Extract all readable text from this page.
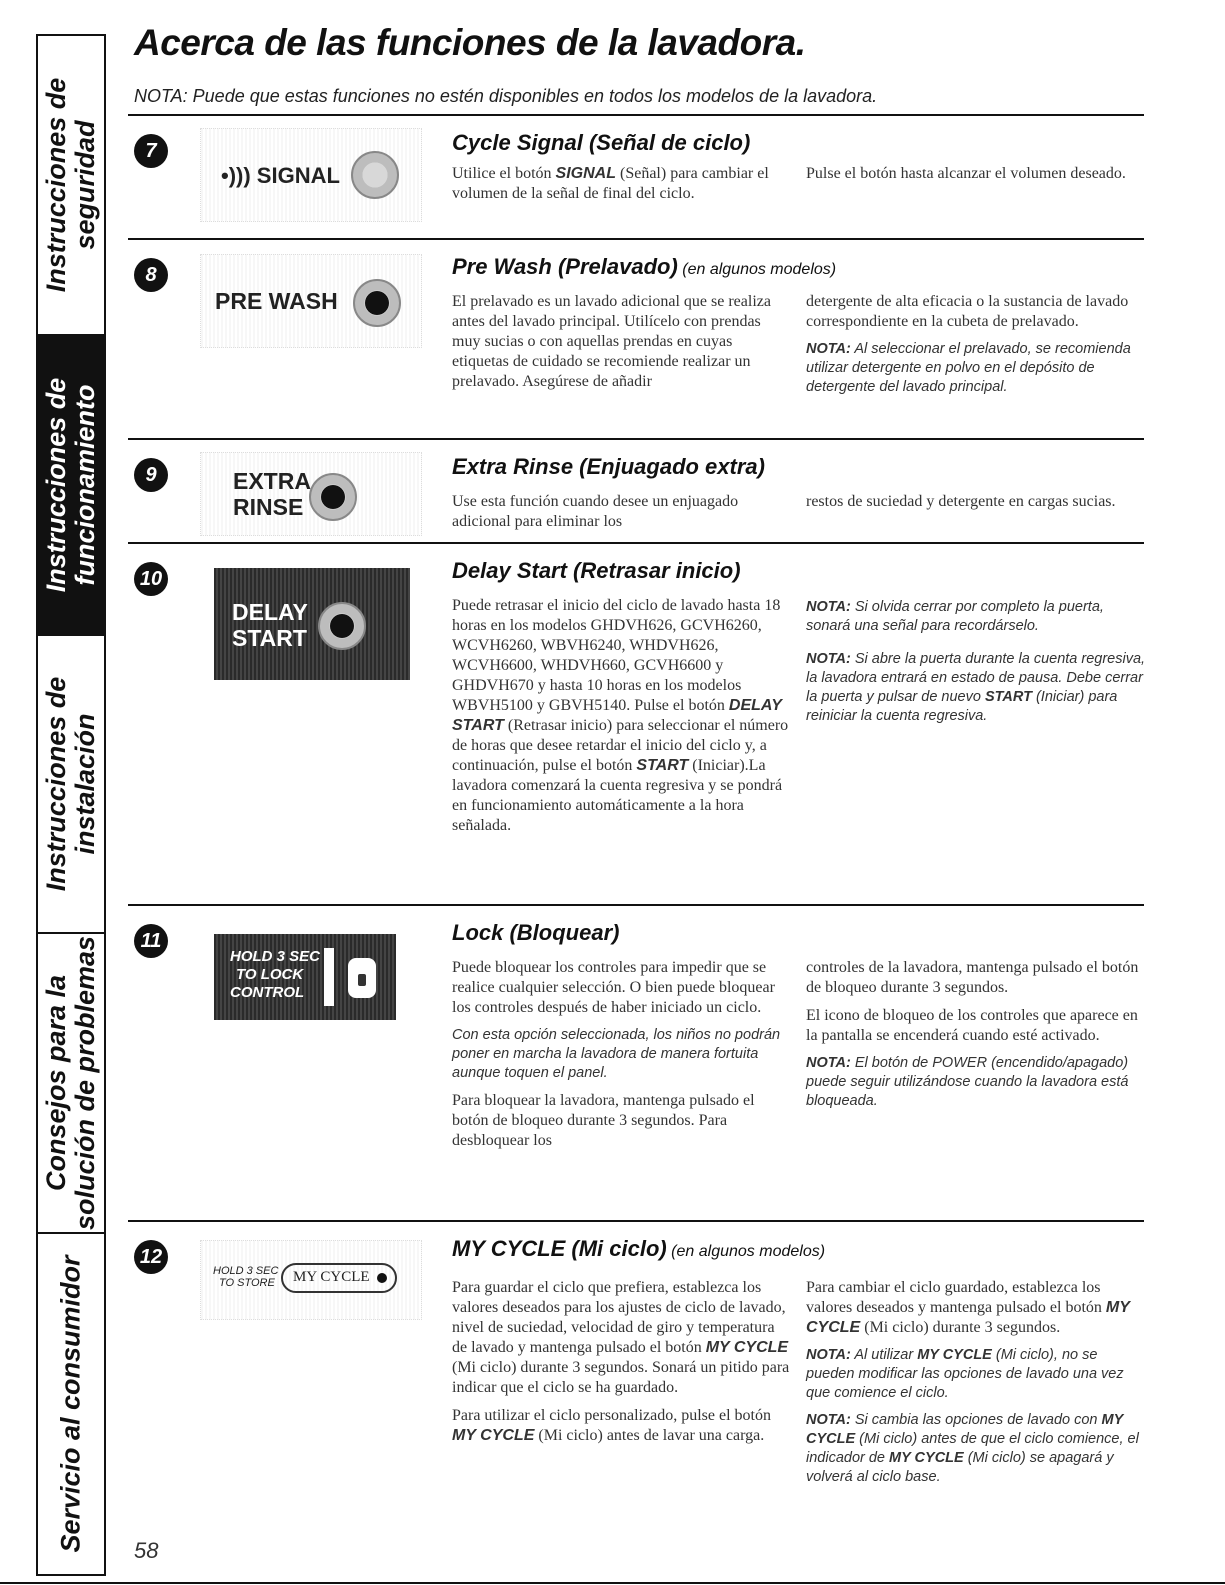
Instrucciones de
seguridad
Instrucciones de
funcionamiento
Instrucciones de
instalación
Consejos para la
solución de problemas
Servicio al consumidor
Acerca de las funciones de la lavadora.
NOTA: Puede que estas funciones no estén disponibles en todos los modelos de la lavadora.
7
•))) SIGNAL
Cycle Signal (Señal de ciclo)

Utilice el botón SIGNAL (Señal) para cambiar el volumen de la señal de final del ciclo.

Pulse el botón hasta alcanzar el volumen deseado.

8
PRE WASH
Pre Wash (Prelavado) (en algunos modelos)

El prelavado es un lavado adicional que se realiza antes del lavado principal. Utilícelo con prendas muy sucias o con aquellas prendas en cuyas etiquetas de cuidado se recomiende realizar un prelavado. Asegúrese de añadir

detergente de alta eficacia o la sustancia de lavado correspondiente en la cubeta de prelavado.

NOTA: Al seleccionar el prelavado, se recomienda utilizar detergente en polvo en el depósito de detergente del lavado principal.

9	EXTRA
RINSE
Extra Rinse (Enjuagado extra)

Use esta función cuando desee un enjuagado adicional para eliminar los

restos de suciedad y detergente en cargas sucias.

10
DELAY
START
Delay Start (Retrasar inicio)

Puede retrasar el inicio del ciclo de lavado hasta 18 horas en los modelos GHDVH626, GCVH6260, WCVH6260, WBVH6240, WHDVH626, WCVH6600, WHDVH660, GCVH6600 y GHDVH670 y hasta 10 horas en los modelos WBVH5100 y GBVH5140. Pulse el botón DELAY START (Retrasar inicio) para seleccionar el número de horas que desee retardar el inicio del ciclo y, a continuación, pulse el botón START (Iniciar).La lavadora comenzará la cuenta regresiva y se pondrá en funcionamiento automáticamente a la hora señalada.

NOTA: Si olvida cerrar por completo la puerta, sonará una señal para recordárselo.

NOTA: Si abre la puerta durante la cuenta regresiva, la lavadora entrará en estado de pausa. Debe cerrar la puerta y pulsar de nuevo START (Iniciar) para reiniciar la cuenta regresiva.

11
HOLD 3 SEC
TO LOCK
CONTROL
Lock (Bloquear)

Puede bloquear los controles para impedir que se realice cualquier selección. O bien puede bloquear los controles después de haber iniciado un ciclo.

Con esta opción seleccionada, los niños no podrán poner en marcha la lavadora de manera fortuita aunque toquen el panel.

Para bloquear la lavadora, mantenga pulsado el botón de bloqueo durante 3 segundos. Para desbloquear los

controles de la lavadora, mantenga pulsado el botón de bloqueo durante 3 segundos.

El icono de bloqueo de los controles que aparece en la pantalla se encenderá cuando esté activado.

NOTA: El botón de POWER (encendido/apagado) puede seguir utilizándose cuando la lavadora está bloqueada.

12
HOLD 3 SEC
TO STORE MY CYCLE
MY CYCLE (Mi ciclo) (en algunos modelos)

Para guardar el ciclo que prefiera, establezca los valores deseados para los ajustes de ciclo de lavado, nivel de suciedad, velocidad de giro y temperatura de lavado y mantenga pulsado el botón MY CYCLE (Mi ciclo) durante 3 segundos. Sonará un pitido para indicar que el ciclo se ha guardado.

Para utilizar el ciclo personalizado, pulse el botón MY CYCLE (Mi ciclo) antes de lavar una carga.

Para cambiar el ciclo guardado, establezca los valores deseados y mantenga pulsado el botón MY CYCLE (Mi ciclo) durante 3 segundos.

NOTA: Al utilizar MY CYCLE (Mi ciclo), no se pueden modificar las opciones de lavado una vez que comience el ciclo.

NOTA: Si cambia las opciones de lavado con MY CYCLE (Mi ciclo) antes de que el ciclo comience, el indicador de MY CYCLE (Mi ciclo) se apagará y volverá al ciclo base.

58
